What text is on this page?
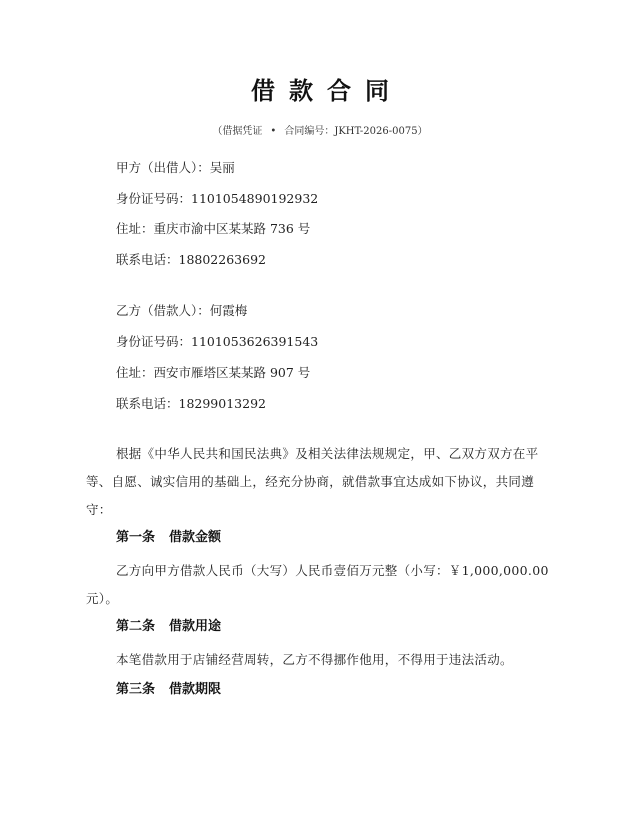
借款合同
（借据凭证 • 合同编号：JKHT-2026-0075）
甲方（出借人）：吴丽
身份证号码：1101054890192932
住址：重庆市渝中区某某路 736 号
联系电话：18802263692
乙方（借款人）：何霞梅
身份证号码：1101053626391543
住址：西安市雁塔区某某路 907 号
联系电话：18299013292
根据《中华人民共和国民法典》及相关法律法规规定，甲、乙双方双方在平等、自愿、诚实信用的基础上，经充分协商，就借款事宜达成如下协议，共同遵守：
第一条 借款金额
乙方向甲方借款人民币（大写）人民币壹佰万元整（小写：￥1,000,000.00元）。
第二条 借款用途
本笔借款用于店铺经营周转，乙方不得挪作他用，不得用于违法活动。
第三条 借款期限
